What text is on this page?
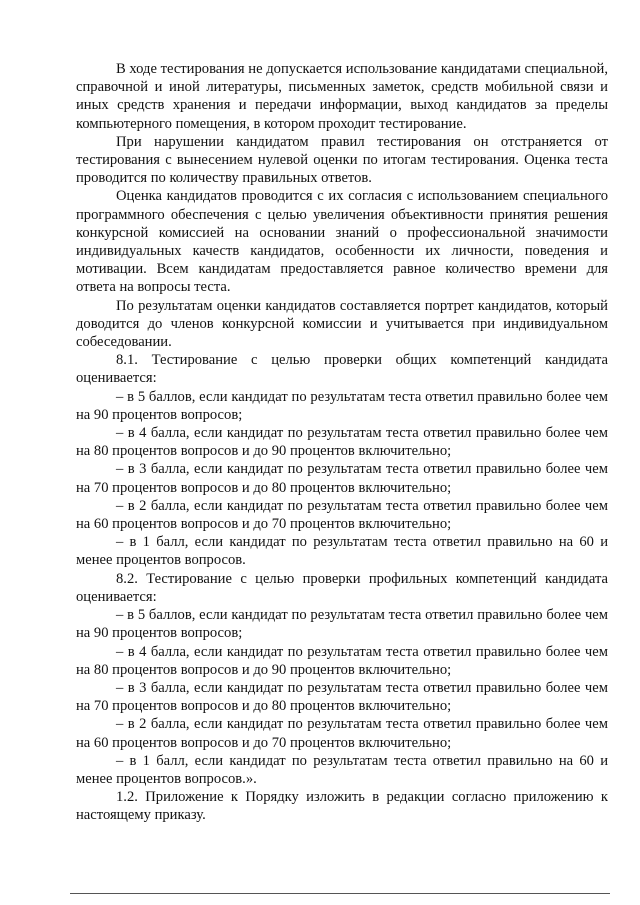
В ходе тестирования не допускается использование кандидатами специальной, справочной и иной литературы, письменных заметок, средств мобильной связи и иных средств хранения и передачи информации, выход кандидатов за пределы компьютерного помещения, в котором проходит тестирование.

При нарушении кандидатом правил тестирования он отстраняется от тестирования с вынесением нулевой оценки по итогам тестирования. Оценка теста проводится по количеству правильных ответов.

Оценка кандидатов проводится с их согласия с использованием специального программного обеспечения с целью увеличения объективности принятия решения конкурсной комиссией на основании знаний о профессиональной значимости индивидуальных качеств кандидатов, особенности их личности, поведения и мотивации. Всем кандидатам предоставляется равное количество времени для ответа на вопросы теста.

По результатам оценки кандидатов составляется портрет кандидатов, который доводится до членов конкурсной комиссии и учитывается при индивидуальном собеседовании.

8.1. Тестирование с целью проверки общих компетенций кандидата оценивается:

– в 5 баллов, если кандидат по результатам теста ответил правильно более чем на 90 процентов вопросов;

– в 4 балла, если кандидат по результатам теста ответил правильно более чем на 80 процентов вопросов и до 90 процентов включительно;

– в 3 балла, если кандидат по результатам теста ответил правильно более чем на 70 процентов вопросов и до 80 процентов включительно;

– в 2 балла, если кандидат по результатам теста ответил правильно более чем на 60 процентов вопросов и до 70 процентов включительно;

– в 1 балл, если кандидат по результатам теста ответил правильно на 60 и менее процентов вопросов.

8.2. Тестирование с целью проверки профильных компетенций кандидата оценивается:

– в 5 баллов, если кандидат по результатам теста ответил правильно более чем на 90 процентов вопросов;

– в 4 балла, если кандидат по результатам теста ответил правильно более чем на 80 процентов вопросов и до 90 процентов включительно;

– в 3 балла, если кандидат по результатам теста ответил правильно более чем на 70 процентов вопросов и до 80 процентов включительно;

– в 2 балла, если кандидат по результатам теста ответил правильно более чем на 60 процентов вопросов и до 70 процентов включительно;

– в 1 балл, если кандидат по результатам теста ответил правильно на 60 и менее процентов вопросов.».

1.2. Приложение к Порядку изложить в редакции согласно приложению к настоящему приказу.
